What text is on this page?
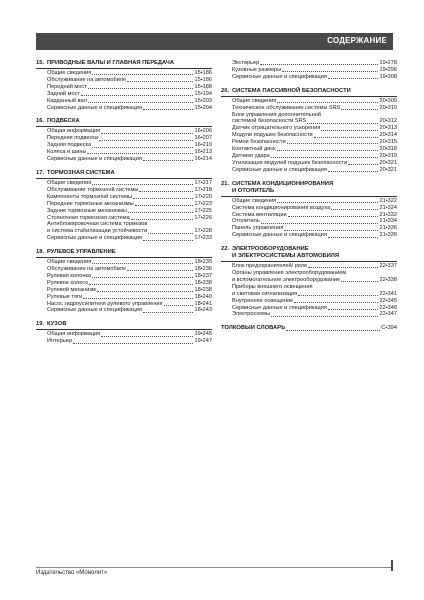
СОДЕРЖАНИЕ
15. ПРИВОДНЫЕ ВАЛЫ И ГЛАВНАЯ ПЕРЕДАЧА
Общие сведения	15•186
Обслуживание на автомобиле	15•186
Передний мост	15•188
Задний мост	15•194
Карданный вал	15•203
Сервисные данные и спецификация	15•204
16. ПОДВЕСКА
Общая информация	16•206
Передняя подвеска	16•207
Задняя подвеска	16•210
Колеса и шины	16•213
Сервисные данные и спецификация	16•214
17. ТОРМОЗНАЯ СИСТЕМА
Общие сведения	17•217
Обслуживание тормозной системы	17•218
Компоненты тормозной системы	17•220
Передние тормозные механизмы	17•223
Задние тормозные механизмы	17•225
Стояночная тормозная система	17•226
Антиблокировочная система тормозов
и система стабилизации устойчивости	17•228
Сервисные данные и спецификация	17•233
18. РУЛЕВОЕ УПРАВЛЕНИЕ
Общие сведения	18•235
Обслуживание на автомобиле	18•236
Рулевая колонка	18•237
Рулевое колесо	18•238
Рулевой механизм	18•238
Рулевые тяги	18•240
Насос гидроусилителя рулевого управления	18•241
Сервисные данные и спецификация	18•243
19. КУЗОВ
Общая информация	19•245
Интерьер	19•247
Экстерьер	19•278
Кузовные размеры	19•296
Сервисные данные и спецификация	19•308
20. СИСТЕМА ПАССИВНОЙ БЕЗОПАСНОСТИ
Общие сведения	20•309
Техническое обслуживание системы SRS	20•310
Блок управления дополнительной
системой безопасности SRS	20•312
Датчик отрицательного ускорения	20•313
Модули подушек безопасности	20•314
Ремни безопасности	20•315
Контактный диск	20•318
Датчики удара	20•319
Утилизация модулей подушек безопасности	20•321
Сервисные данные и спецификация	20•321
21. СИСТЕМА КОНДИЦИОНИРОВАНИЯ
И ОТОПИТЕЛЬ
Общие сведения	21•322
Система кондиционирования воздуха	21•324
Система вентиляции	21•332
Отопитель	21•334
Панель управления	21•336
Сервисные данные и спецификация	21•336
22. ЭЛЕКТРООБОРУДОВАНИЕ
И ЭЛЕКТРОСИСТЕМЫ АВТОМОБИЛЯ
Блок предохранителей/ реле	22•337
Органы управления электрооборудованием
и вспомогательное электрооборудование	22•338
Приборы внешнего освещения
и световая сигнализация	22•341
Внутреннее освещение	22•345
Сервисные данные и спецификация	22•346
Электросхемы	22•347
ТОЛКОВЫЙ СЛОВАРЬ	C•394
Издательство «Монолит»
